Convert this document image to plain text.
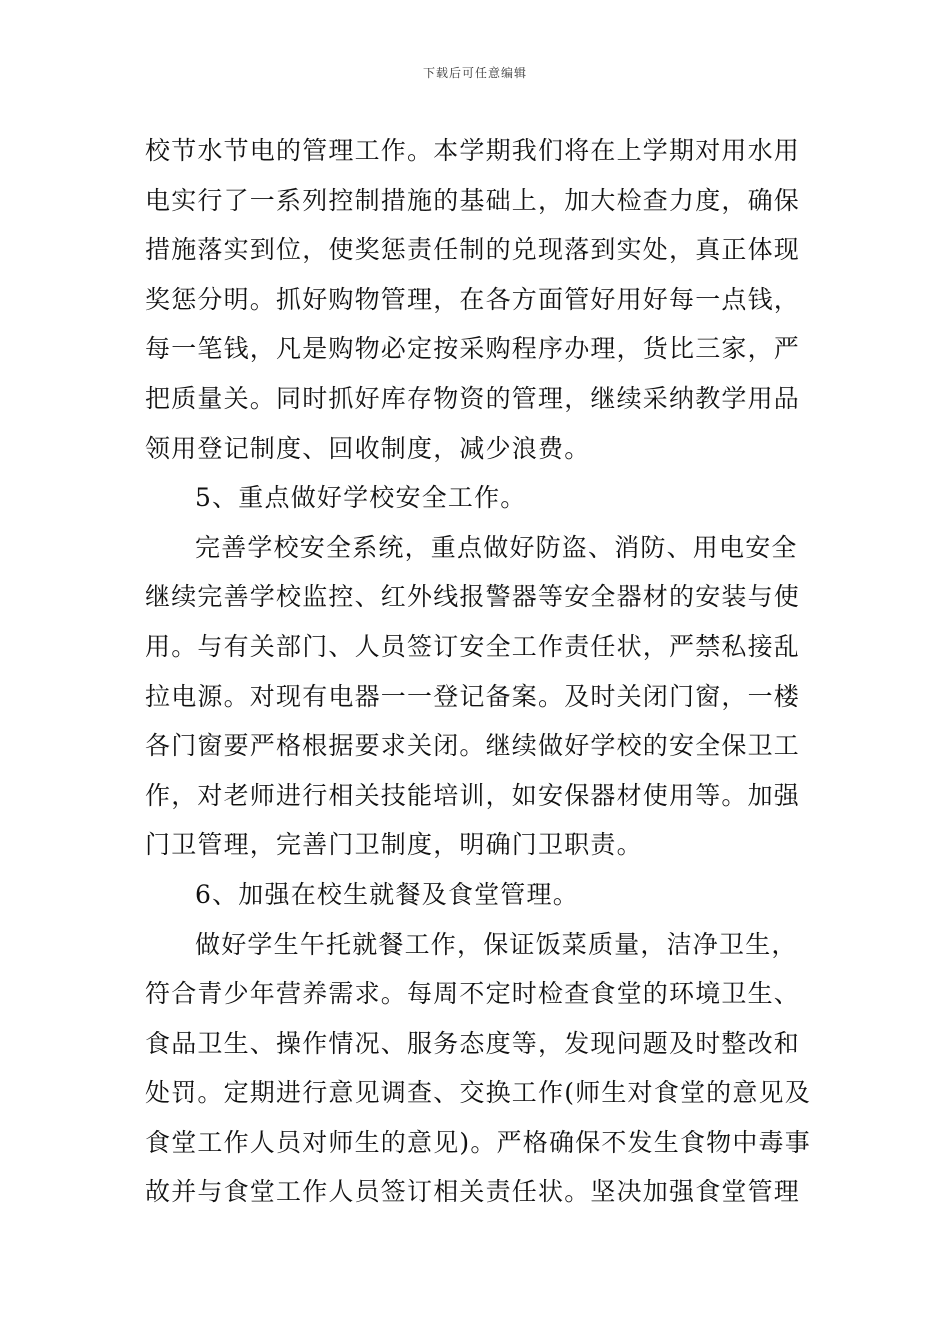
下载后可任意编辑
校节水节电的管理工作。本学期我们将在上学期对用水用
电实行了一系列控制措施的基础上，加大检查力度，确保
措施落实到位，使奖惩责任制的兑现落到实处，真正体现
奖惩分明。抓好购物管理，在各方面管好用好每一点钱，
每一笔钱，凡是购物必定按采购程序办理，货比三家，严
把质量关。同时抓好库存物资的管理，继续采纳教学用品
领用登记制度、回收制度，减少浪费。
5、重点做好学校安全工作。
完善学校安全系统，重点做好防盗、消防、用电安全
继续完善学校监控、红外线报警器等安全器材的安装与使
用。与有关部门、人员签订安全工作责任状，严禁私接乱
拉电源。对现有电器一一登记备案。及时关闭门窗，一楼
各门窗要严格根据要求关闭。继续做好学校的安全保卫工
作，对老师进行相关技能培训，如安保器材使用等。加强
门卫管理，完善门卫制度，明确门卫职责。
6、加强在校生就餐及食堂管理。
做好学生午托就餐工作，保证饭菜质量，洁净卫生，
符合青少年营养需求。每周不定时检查食堂的环境卫生、
食品卫生、操作情况、服务态度等，发现问题及时整改和
处罚。定期进行意见调查、交换工作(师生对食堂的意见及
食堂工作人员对师生的意见)。严格确保不发生食物中毒事
故并与食堂工作人员签订相关责任状。坚决加强食堂管理
